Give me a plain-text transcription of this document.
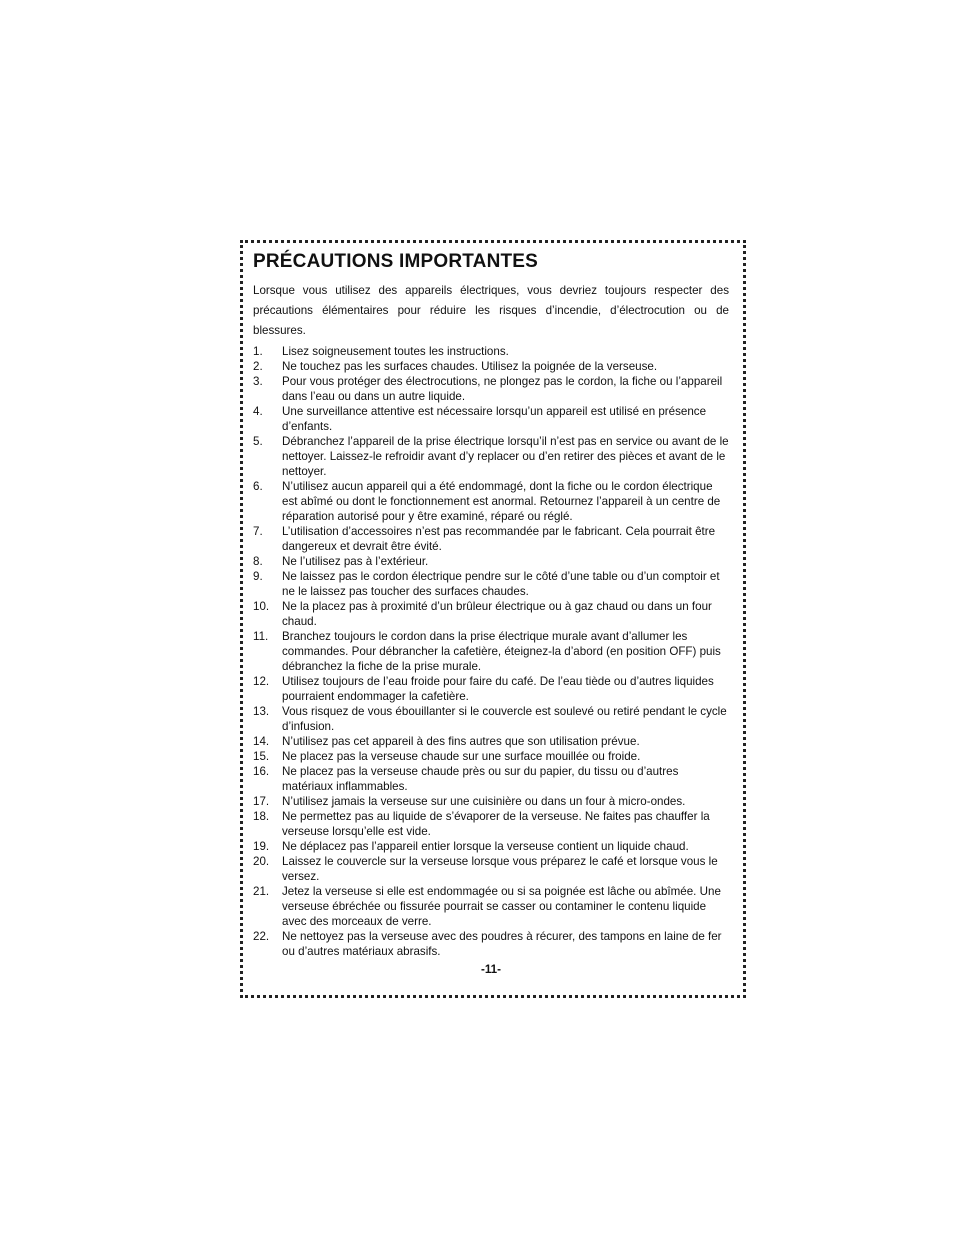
PRÉCAUTIONS IMPORTANTES

Lorsque vous utilisez des appareils électriques, vous devriez toujours respecter des précautions élémentaires pour réduire les risques d’incendie, d’électrocution ou de blessures.

1.	Lisez soigneusement toutes les instructions.
2.	Ne touchez pas les surfaces chaudes. Utilisez la poignée de la verseuse.
3.	Pour vous protéger des électrocutions, ne plongez pas le cordon, la fiche ou l’appareil dans l’eau ou dans un autre liquide.
4.	Une surveillance attentive est nécessaire lorsqu’un appareil est utilisé en présence d’enfants.
5.	Débranchez l’appareil de la prise électrique lorsqu’il n’est pas en service ou avant de le nettoyer. Laissez-le refroidir avant d’y replacer ou d’en retirer des pièces et avant de le nettoyer.
6.	N’utilisez aucun appareil qui a été endommagé, dont la fiche ou le cordon électrique est abîmé ou dont le fonctionnement est anormal. Retournez l’appareil à un centre de réparation autorisé pour y être examiné, réparé ou réglé.
7.	L’utilisation d’accessoires n’est pas recommandée par le fabricant. Cela pourrait être dangereux et devrait être évité.
8.	Ne l’utilisez pas à l’extérieur.
9.	Ne laissez pas le cordon électrique pendre sur le côté d’une table ou d’un comptoir et ne le laissez pas toucher des surfaces chaudes.
10.	Ne la placez pas à proximité d’un brûleur électrique ou à gaz chaud ou dans un four chaud.
11.	Branchez toujours le cordon dans la prise électrique murale avant d’allumer les commandes. Pour débrancher la cafetière, éteignez-la d’abord (en position OFF) puis débranchez la fiche de la prise murale.
12.	Utilisez toujours de l’eau froide pour faire du café. De l’eau tiède ou d’autres liquides pourraient endommager la cafetière.
13.	Vous risquez de vous ébouillanter si le couvercle est soulevé ou retiré pendant le cycle d’infusion.
14.	N’utilisez pas cet appareil à des fins autres que son utilisation prévue.
15.	Ne placez pas la verseuse chaude sur une surface mouillée ou froide.
16.	Ne placez pas la verseuse chaude près ou sur du papier, du tissu ou d’autres matériaux inflammables.
17.	N’utilisez jamais la verseuse sur une cuisinière ou dans un four à micro-ondes.
18.	Ne permettez pas au liquide de s’évaporer de la verseuse. Ne faites pas chauffer la verseuse lorsqu’elle est vide.
19.	Ne déplacez pas l’appareil entier lorsque la verseuse contient un liquide chaud.
20.	Laissez le couvercle sur la verseuse lorsque vous préparez le café et lorsque vous le versez.
21.	Jetez la verseuse si elle est endommagée ou si sa poignée est lâche ou abîmée. Une verseuse ébréchée ou fissurée pourrait se casser ou contaminer le contenu liquide avec des morceaux de verre.
22.	Ne nettoyez pas la verseuse avec des poudres à récurer, des tampons en laine de fer ou d’autres matériaux abrasifs.
-11-
